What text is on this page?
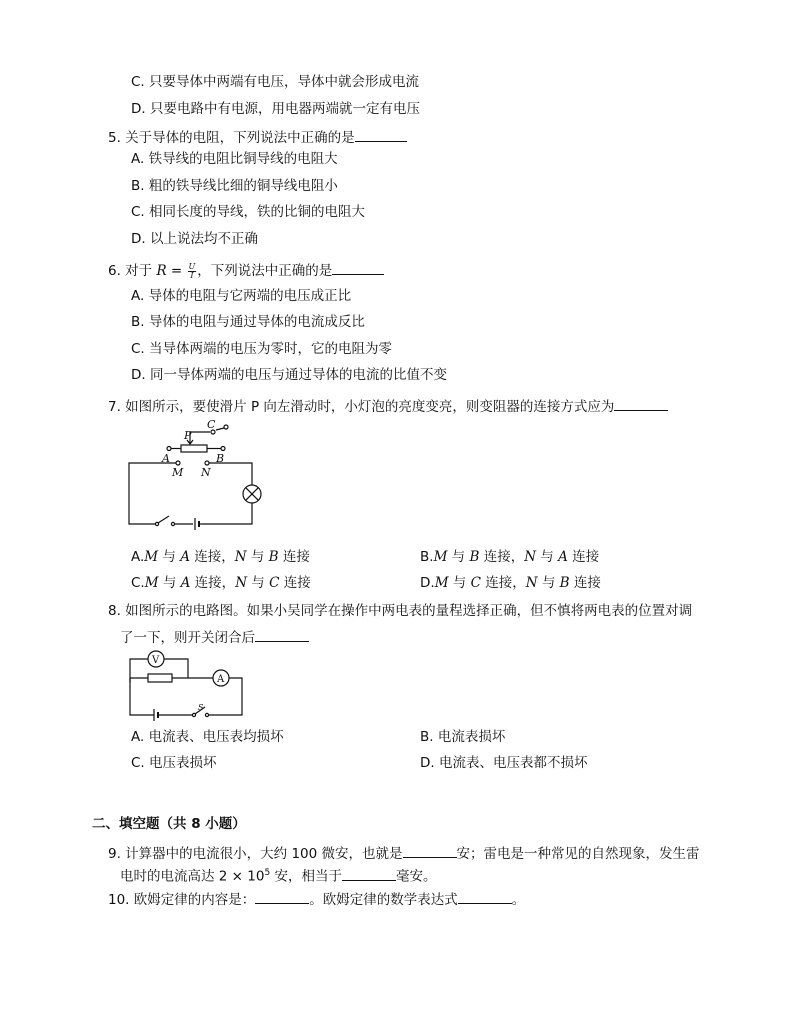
C. 只要导体中两端有电压，导体中就会形成电流
D. 只要电路中有电源，用电器两端就一定有电压
5. 关于导体的电阻，下列说法中正确的是
A. 铁导线的电阻比铜导线的电阻大
B. 粗的铁导线比细的铜导线电阻小
C. 相同长度的导线，铁的比铜的电阻大
D. 以上说法均不正确
6. 对于 $R = \frac{U}{I}$ ，下列说法中正确的是
A. 导体的电阻与它两端的电压成正比
B. 导体的电阻与通过导体的电流成反比
C. 当导体两端的电压为零时，它的电阻为零
D. 同一导体两端的电压与通过导体的电流的比值不变
7. 如图所示，要使滑片 P 向左滑动时，小灯泡的亮度变亮，则变阻器的连接方式应为
P
C
A	B
M N
A.M 与 A 连接，N 与 B 连接	B.M 与 B 连接，N 与 A 连接
C.M 与 A 连接，N 与 C 连接	D.M 与 C 连接，N 与 B 连接
8. 如图所示的电路图。如果小吴同学在操作中两电表的量程选择正确，但不慎将两电表的位置对调
了一下，则开关闭合后
V
A
S
A. 电流表、电压表均损坏	B. 电流表损坏
C. 电压表损坏	D. 电流表、电压表都不损坏
二、填空题（共 8 小题）
9. 计算器中的电流很小，大约 100 微安，也就是	安；雷电是一种常见的自然现象，发生雷
电时的电流高达 $2 \times 10^5$ 安，相当于	毫安。
10. 欧姆定律的内容是：	。欧姆定律的数学表达式	。
